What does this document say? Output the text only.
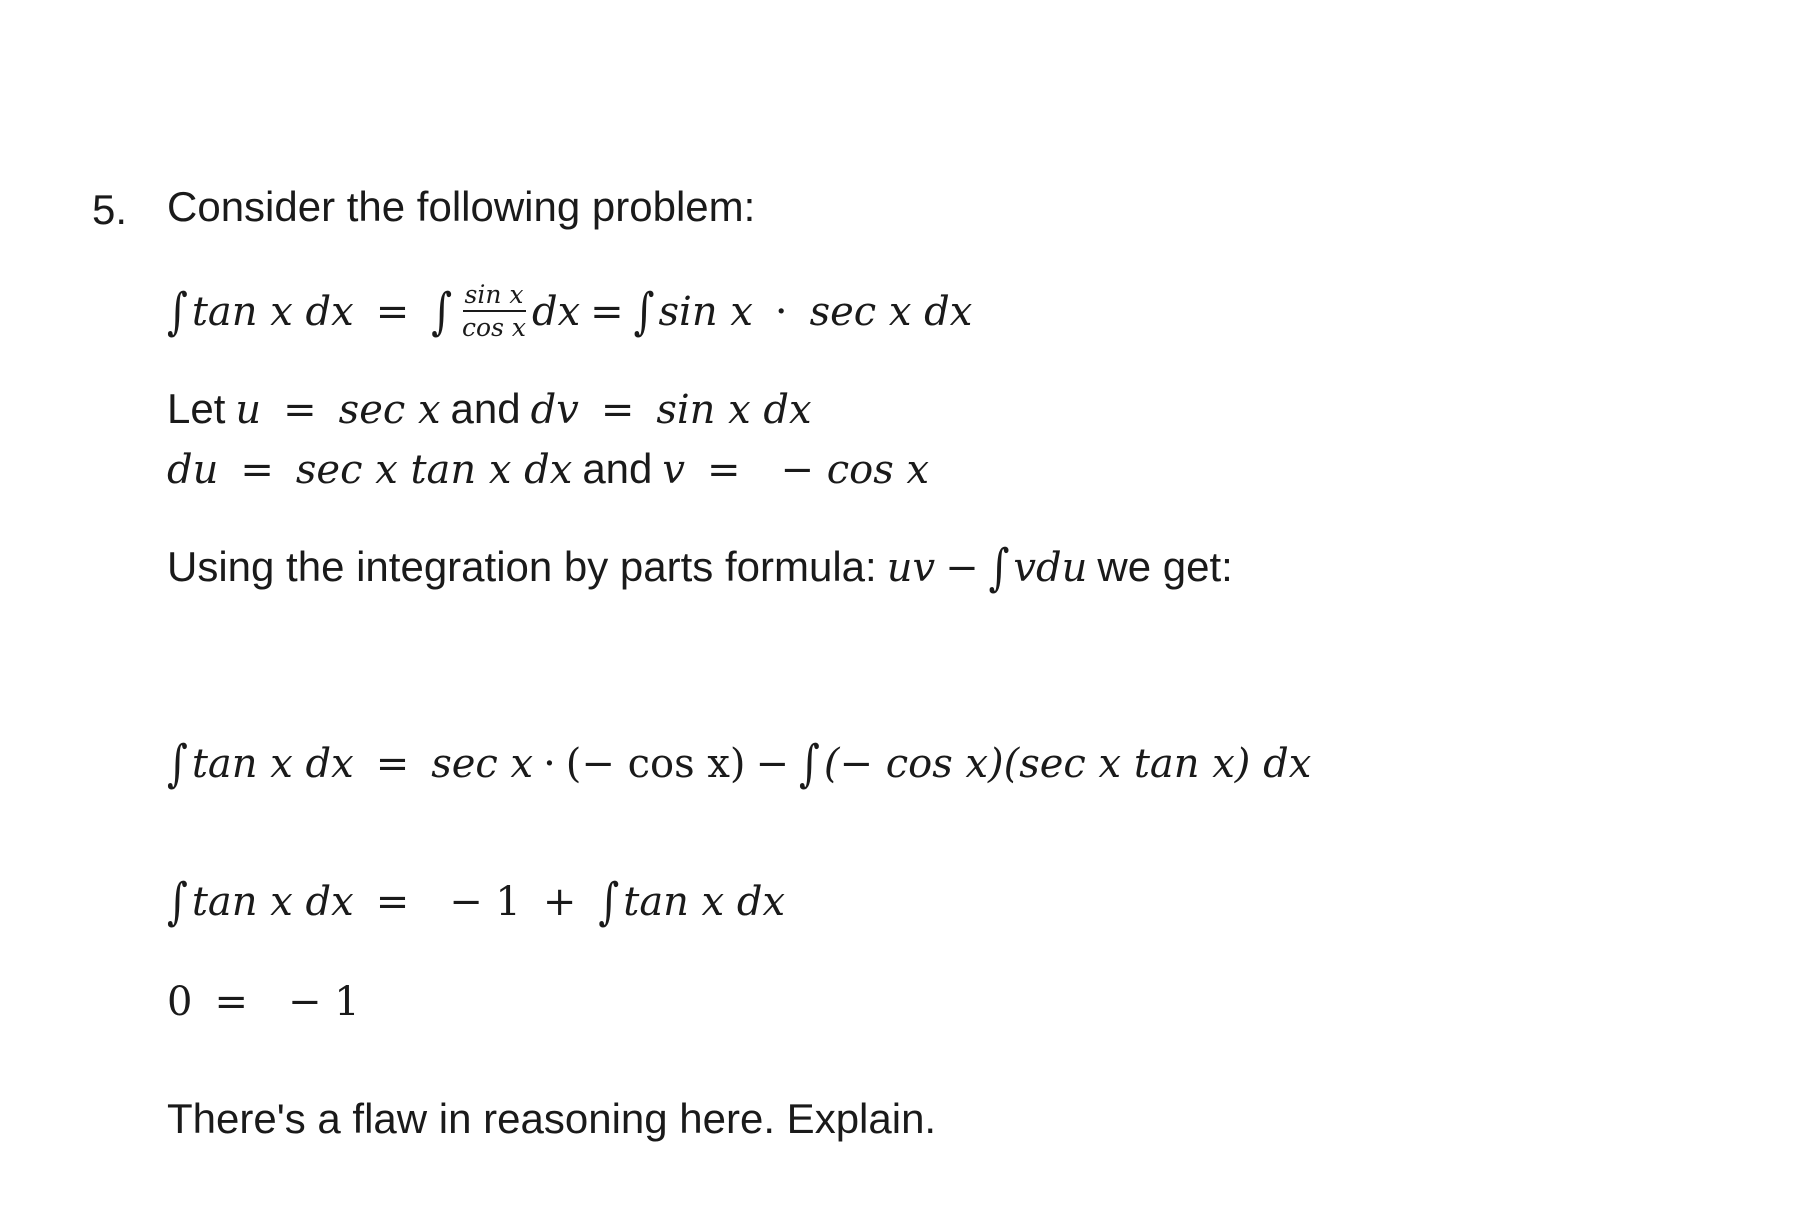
5. Consider the following problem:
∫ tan x dx = ∫ $\frac{\text{sin x}}{\text{cos x}}$ dx = ∫ sin x · sec x dx
Let u = sec x and dv = sin x dx
du = sec x tan x dx and v = − cos x
Using the integration by parts formula: uv − ∫ vdu we get:
∫ tan x dx = sec x · (− cos x) − ∫ (− cos x)(sec x tan x) dx
∫ tan x dx = − 1 + ∫ tan x dx
0 = − 1
There's a flaw in reasoning here. Explain.
